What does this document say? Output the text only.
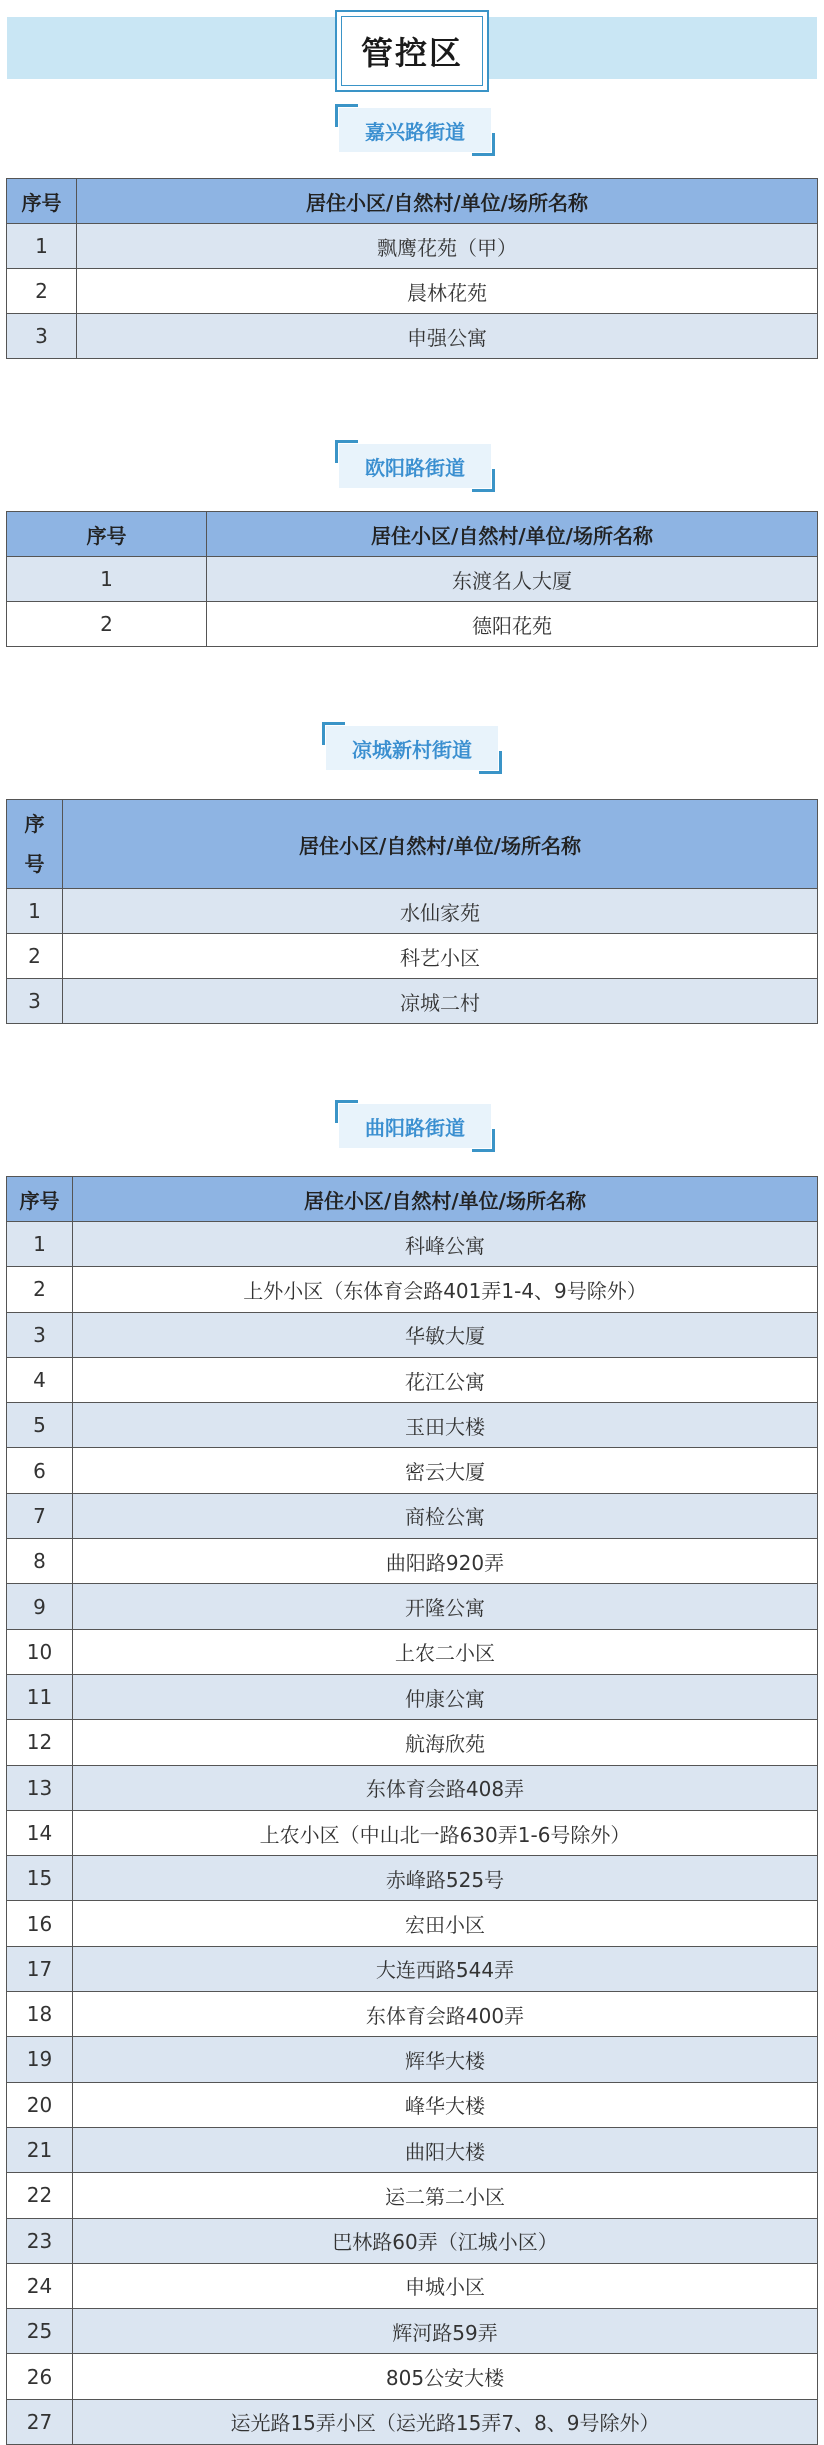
管控区
嘉兴路街道
序号	居住小区/自然村/单位/场所名称
1	飘鹰花苑（甲）
2	晨林花苑
3	申强公寓
欧阳路街道
序号	居住小区/自然村/单位/场所名称
1	东渡名人大厦
2	德阳花苑
凉城新村街道
序号	居住小区/自然村/单位/场所名称
1	水仙家苑
2	科艺小区
3	凉城二村
曲阳路街道
序号	居住小区/自然村/单位/场所名称
1	科峰公寓
2	上外小区（东体育会路401弄1-4、9号除外）
3	华敏大厦
4	花江公寓
5	玉田大楼
6	密云大厦
7	商检公寓
8	曲阳路920弄
9	开隆公寓
10	上农二小区
11	仲康公寓
12	航海欣苑
13	东体育会路408弄
14	上农小区（中山北一路630弄1-6号除外）
15	赤峰路525号
16	宏田小区
17	大连西路544弄
18	东体育会路400弄
19	辉华大楼
20	峰华大楼
21	曲阳大楼
22	运二第二小区
23	巴林路60弄（江城小区）
24	申城小区
25	辉河路59弄
26	805公安大楼
27	运光路15弄小区（运光路15弄7、8、9号除外）
